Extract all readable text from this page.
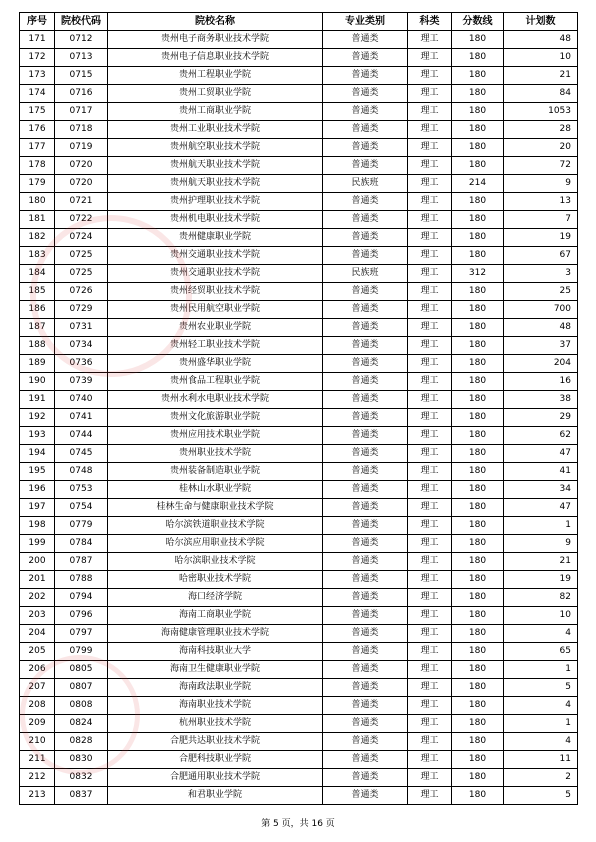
序号	院校代码	院校名称	专业类别	科类	分数线	计划数
171	0712	贵州电子商务职业技术学院	普通类	理工	180	48
172	0713	贵州电子信息职业技术学院	普通类	理工	180	10
173	0715	贵州工程职业学院	普通类	理工	180	21
174	0716	贵州工贸职业学院	普通类	理工	180	84
175	0717	贵州工商职业学院	普通类	理工	180	1053
176	0718	贵州工业职业技术学院	普通类	理工	180	28
177	0719	贵州航空职业技术学院	普通类	理工	180	20
178	0720	贵州航天职业技术学院	普通类	理工	180	72
179	0720	贵州航天职业技术学院	民族班	理工	214	9
180	0721	贵州护理职业技术学院	普通类	理工	180	13
181	0722	贵州机电职业技术学院	普通类	理工	180	7
182	0724	贵州健康职业学院	普通类	理工	180	19
183	0725	贵州交通职业技术学院	普通类	理工	180	67
184	0725	贵州交通职业技术学院	民族班	理工	312	3
185	0726	贵州经贸职业技术学院	普通类	理工	180	25
186	0729	贵州民用航空职业学院	普通类	理工	180	700
187	0731	贵州农业职业学院	普通类	理工	180	48
188	0734	贵州轻工职业技术学院	普通类	理工	180	37
189	0736	贵州盛华职业学院	普通类	理工	180	204
190	0739	贵州食品工程职业学院	普通类	理工	180	16
191	0740	贵州水利水电职业技术学院	普通类	理工	180	38
192	0741	贵州文化旅游职业学院	普通类	理工	180	29
193	0744	贵州应用技术职业学院	普通类	理工	180	62
194	0745	贵州职业技术学院	普通类	理工	180	47
195	0748	贵州装备制造职业学院	普通类	理工	180	41
196	0753	桂林山水职业学院	普通类	理工	180	34
197	0754	桂林生命与健康职业技术学院	普通类	理工	180	47
198	0779	哈尔滨铁道职业技术学院	普通类	理工	180	1
199	0784	哈尔滨应用职业技术学院	普通类	理工	180	9
200	0787	哈尔滨职业技术学院	普通类	理工	180	21
201	0788	哈密职业技术学院	普通类	理工	180	19
202	0794	海口经济学院	普通类	理工	180	82
203	0796	海南工商职业学院	普通类	理工	180	10
204	0797	海南健康管理职业技术学院	普通类	理工	180	4
205	0799	海南科技职业大学	普通类	理工	180	65
206	0805	海南卫生健康职业学院	普通类	理工	180	1
207	0807	海南政法职业学院	普通类	理工	180	5
208	0808	海南职业技术学院	普通类	理工	180	4
209	0824	杭州职业技术学院	普通类	理工	180	1
210	0828	合肥共达职业技术学院	普通类	理工	180	4
211	0830	合肥科技职业学院	普通类	理工	180	11
212	0832	合肥通用职业技术学院	普通类	理工	180	2
213	0837	和君职业学院	普通类	理工	180	5
第 5 页，共 16 页
